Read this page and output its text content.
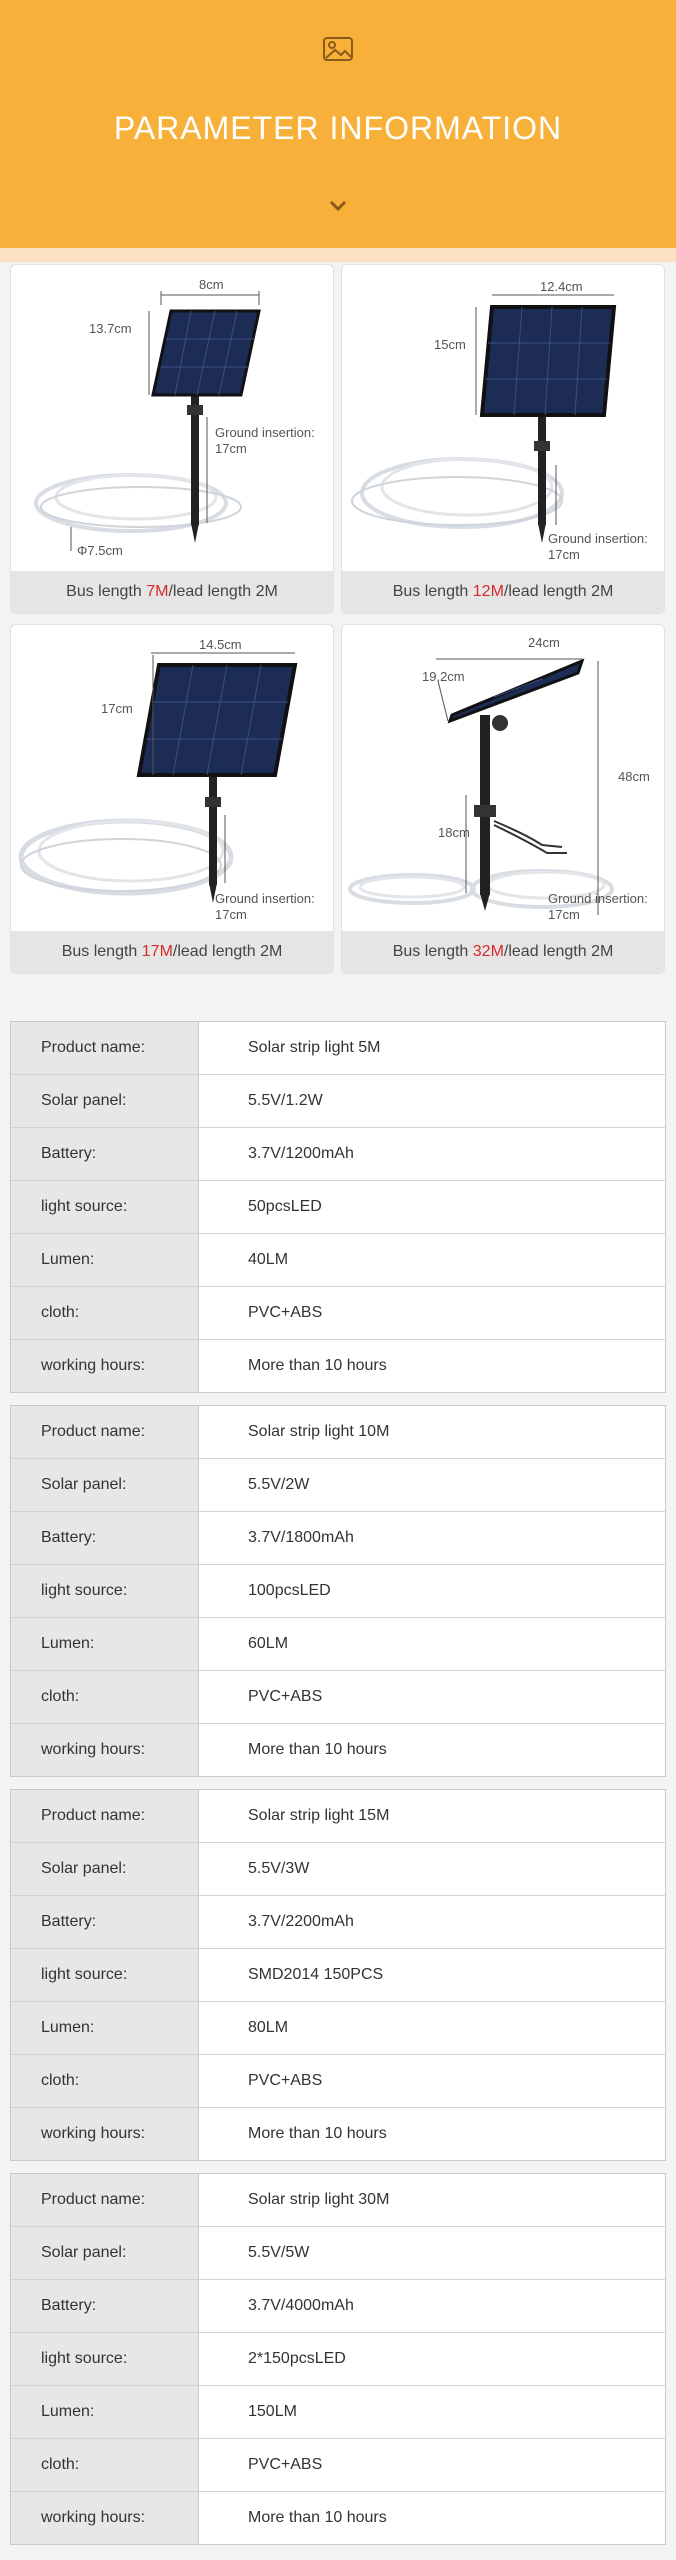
PARAMETER INFORMATION
8cm
13.7cm
Ground insertion:
17cm
Φ7.5cm
Bus length 7M/lead length 2M
12.4cm
15cm
Ground insertion:
17cm
Bus length 12M/lead length 2M
14.5cm
17cm
Ground insertion:
17cm
Bus length 17M/lead length 2M
24cm
19.2cm
48cm
18cm
Ground insertion:
17cm
Bus length 32M/lead length 2M
Product name:	Solar strip light 5M
Solar panel:	5.5V/1.2W
Battery:	3.7V/1200mAh
light source:	50pcsLED
Lumen:	40LM
cloth:	PVC+ABS
working hours:	More than 10 hours
Product name:	Solar strip light 10M
Solar panel:	5.5V/2W
Battery:	3.7V/1800mAh
light source:	100pcsLED
Lumen:	60LM
cloth:	PVC+ABS
working hours:	More than 10 hours
Product name:	Solar strip light 15M
Solar panel:	5.5V/3W
Battery:	3.7V/2200mAh
light source:	SMD2014 150PCS
Lumen:	80LM
cloth:	PVC+ABS
working hours:	More than 10 hours
Product name:	Solar strip light 30M
Solar panel:	5.5V/5W
Battery:	3.7V/4000mAh
light source:	2*150pcsLED
Lumen:	150LM
cloth:	PVC+ABS
working hours:	More than 10 hours
